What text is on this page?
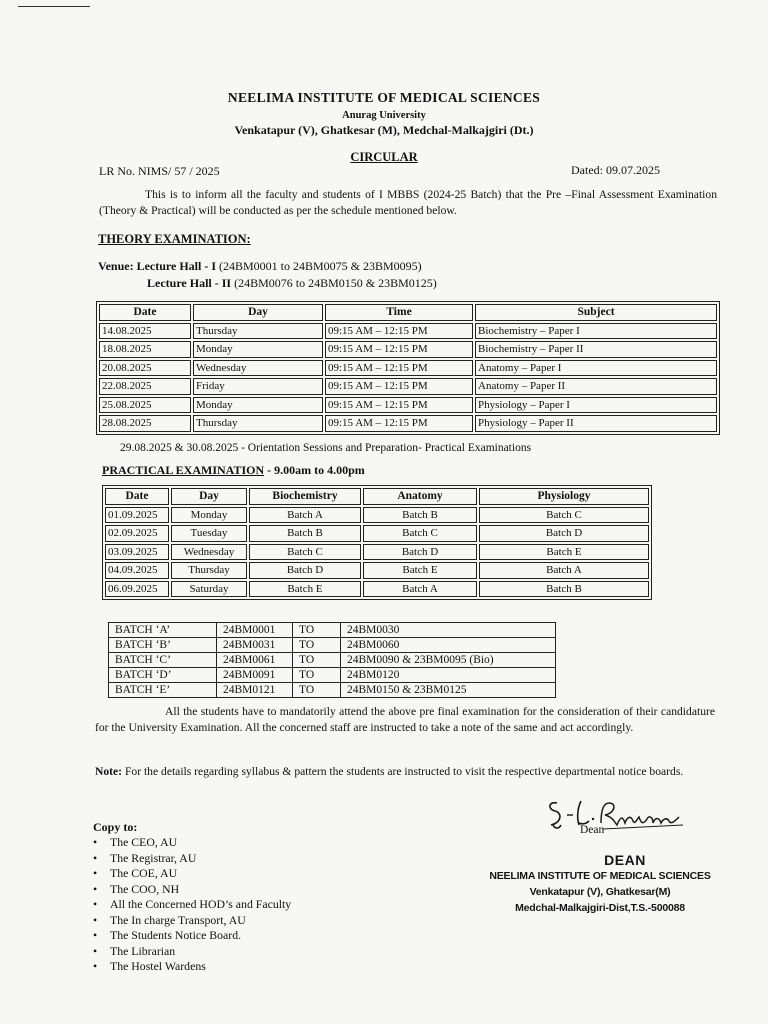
NEELIMA INSTITUTE OF MEDICAL SCIENCES
Anurag University
Venkatapur (V), Ghatkesar (M), Medchal-Malkajgiri (Dt.)
CIRCULAR
LR No. NIMS/ 57 / 2025	Dated: 09.07.2025
This is to inform all the faculty and students of I MBBS (2024-25 Batch) that the Pre –Final Assessment Examination (Theory & Practical) will be conducted as per the schedule mentioned below.
THEORY EXAMINATION:
Venue: Lecture Hall - I (24BM0001 to 24BM0075 & 23BM0095)
Lecture Hall - II (24BM0076 to 24BM0150 & 23BM0125)
Date	Day	Time	Subject
14.08.2025	Thursday	09:15 AM – 12:15 PM	Biochemistry – Paper I
18.08.2025	Monday	09:15 AM – 12:15 PM	Biochemistry – Paper II
20.08.2025	Wednesday	09:15 AM – 12:15 PM	Anatomy – Paper I
22.08.2025	Friday	09:15 AM – 12:15 PM	Anatomy – Paper II
25.08.2025	Monday	09:15 AM – 12:15 PM	Physiology – Paper I
28.08.2025	Thursday	09:15 AM – 12:15 PM	Physiology – Paper II
29.08.2025 & 30.08.2025 - Orientation Sessions and Preparation- Practical Examinations
PRACTICAL EXAMINATION - 9.00am to 4.00pm
Date	Day	Biochemistry	Anatomy	Physiology
01.09.2025	Monday	Batch A	Batch B	Batch C
02.09.2025	Tuesday	Batch B	Batch C	Batch D
03.09.2025	Wednesday	Batch C	Batch D	Batch E
04.09.2025	Thursday	Batch D	Batch E	Batch A
06.09.2025	Saturday	Batch E	Batch A	Batch B
BATCH ‘A’	24BM0001	TO	24BM0030
BATCH ‘B’	24BM0031	TO	24BM0060
BATCH ‘C’	24BM0061	TO	24BM0090 & 23BM0095 (Bio)
BATCH ‘D’	24BM0091	TO	24BM0120
BATCH ‘E’	24BM0121	TO	24BM0150 & 23BM0125
All the students have to mandatorily attend the above pre final examination for the consideration of their candidature for the University Examination. All the concerned staff are instructed to take a note of the same and act accordingly.
Note: For the details regarding syllabus & pattern the students are instructed to visit the respective departmental notice boards.
Dean
DEAN
NEELIMA INSTITUTE OF MEDICAL SCIENCES
Venkatapur (V), Ghatkesar(M)
Medchal-Malkajgiri-Dist,T.S.-500088
Copy to:
• The CEO, AU
• The Registrar, AU
• The COE, AU
• The COO, NH
• All the Concerned HOD’s and Faculty
• The In charge Transport, AU
• The Students Notice Board.
• The Librarian
• The Hostel Wardens
